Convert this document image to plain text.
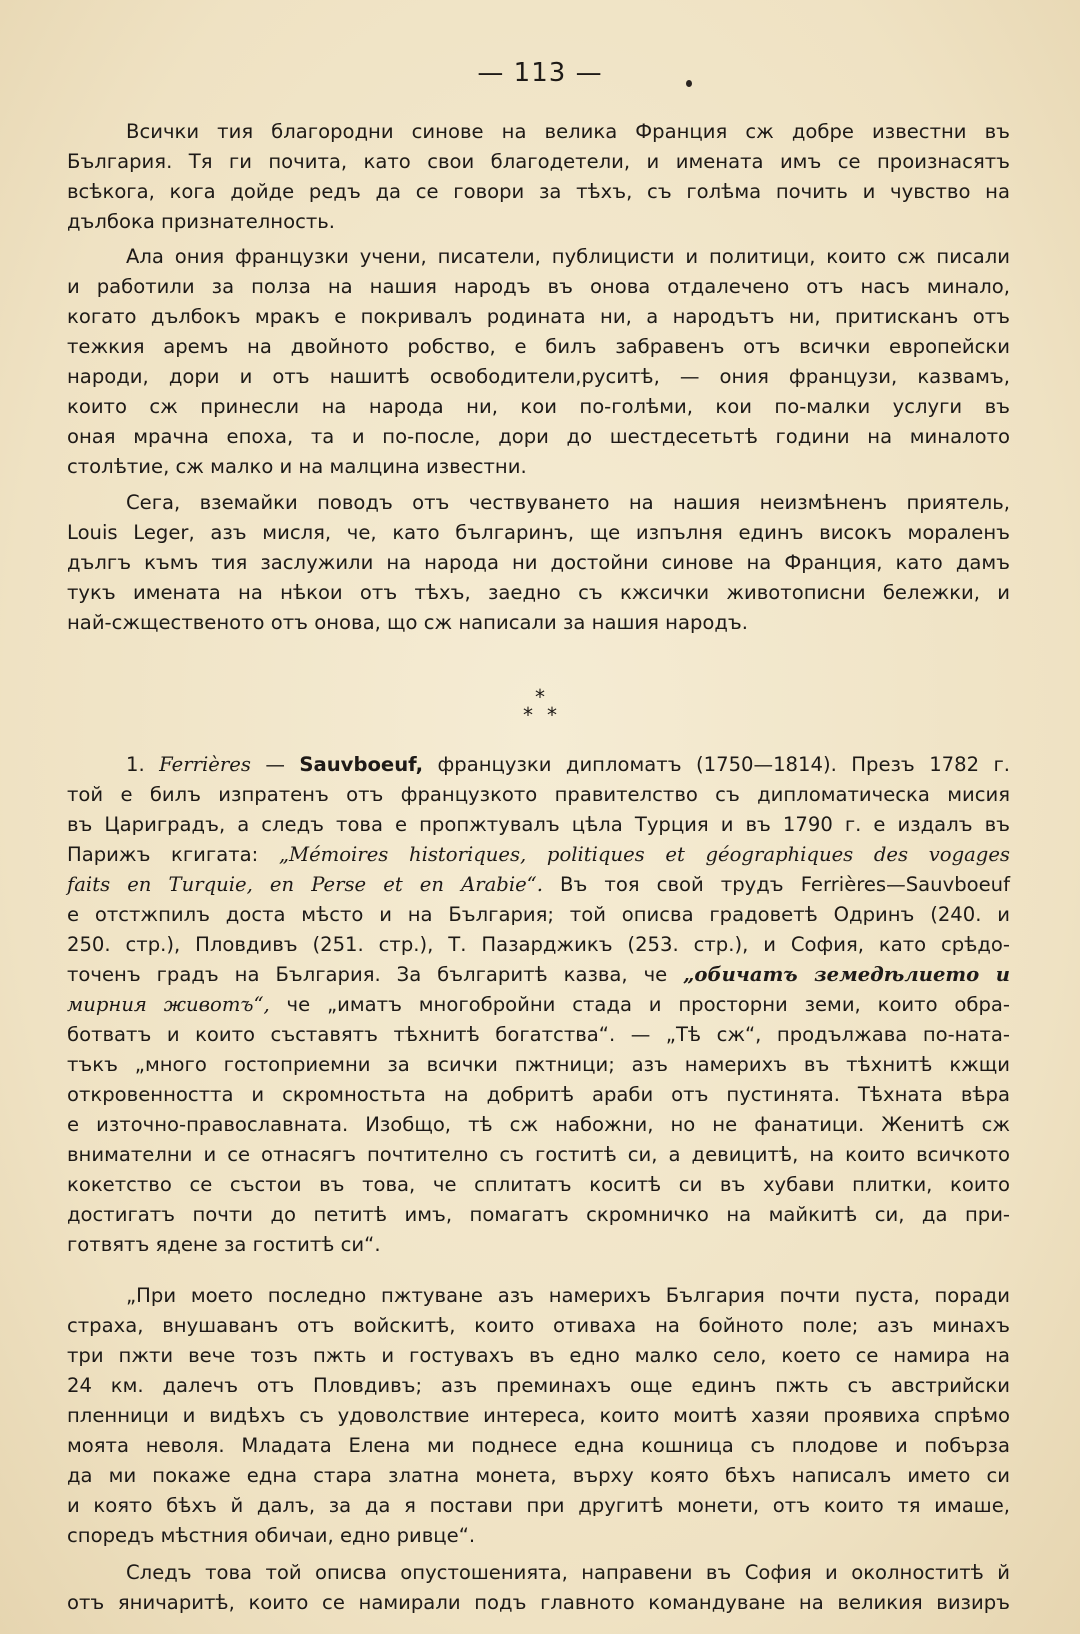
— 113 —
Всички тия благородни синове на велика Франция сж добре известни въ
България. Тя ги почита, като свои благодетели, и имената имъ се произнасятъ
всѣкога, кога дойде редъ да се говори за тѣхъ, съ голѣма почить и чувство на
дълбока признателность.
Ала ония французки учени, писатели, публицисти и политици, които сж писали
и работили за полза на нашия народъ въ онова отдалечено отъ насъ минало,
когато дълбокъ мракъ е покривалъ родината ни, а народътъ ни, притисканъ отъ
тежкия аремъ на двойното робство, е билъ забравенъ отъ всички европейски
народи, дори и отъ нашитѣ освободители,руситѣ, — ония французи, казвамъ,
които сж принесли на народа ни, кои по-голѣми, кои по-малки услуги въ
оная мрачна епоха, та и по-после, дори до шестдесетьтѣ години на миналото
столѣтие, сж малко и на малцина известни.
Сега, вземайки поводъ отъ чествуването на нашия неизмѣненъ приятель,
Louis Leger, азъ мисля, че, като българинъ, ще изпълня единъ високъ мораленъ
дългъ къмъ тия заслужили на народа ни достойни синове на Франция, като дамъ
тукъ имената на нѣкои отъ тѣхъ, заедно съ кжсички животописни бележки, и
най-сжщественото отъ онова, що сж написали за нашия народъ.
*
**
1. Ferrières — Sauvboeuf, французки дипломатъ (1750—1814). Презъ 1782 г.
той е билъ изпратенъ отъ французкото правителство съ дипломатическа мисия
въ Цариградъ, а следъ това е пропжтувалъ цѣла Турция и въ 1790 г. е издалъ въ
Парижъ кгигата: „Mémoires historiques, politiques et géographiques des vogages
faits en Turquie, en Perse et en Arabie“. Въ тоя свой трудъ Ferrières—Sauvboeuf
е отстжпилъ доста мѣсто и на България; той описва градоветѣ Одринъ (240. и
250. стр.), Пловдивъ (251. стр.), Т. Пазарджикъ (253. стр.), и София, като срѣдо-
точенъ градъ на България. За българитѣ казва, че „обичатъ земедѣлието и
мирния животъ“, че „иматъ многобройни стада и просторни земи, които обра-
ботватъ и които съставятъ тѣхнитѣ богатства“. — „Тѣ сж“, продължава по-ната-
тъкъ „много гостоприемни за всички пжтници; азъ намерихъ въ тѣхнитѣ кжщи
откровенността и скромностьта на добритѣ араби отъ пустинята. Тѣхната вѣра
е източно-православната. Изобщо, тѣ сж набожни, но не фанатици. Женитѣ сж
внимателни и се отнасягъ почтително съ гоститѣ си, а девицитѣ, на които всичкото
кокетство се състои въ това, че сплитатъ коситѣ си въ хубави плитки, които
достигатъ почти до петитѣ имъ, помагатъ скромничко на майкитѣ си, да при-
готвятъ ядене за гоститѣ си“.
„При моето последно пжтуване азъ намерихъ България почти пуста, поради
страха, внушаванъ отъ войскитѣ, които отиваха на бойното поле; азъ минахъ
три пжти вече тозъ пжть и гостувахъ въ едно малко село, което се намира на
24 км. далечъ отъ Пловдивъ; азъ преминахъ още единъ пжть съ австрийски
пленници и видѣхъ съ удоволствие интереса, които моитѣ хазяи проявиха спрѣмо
моята неволя. Младата Елена ми поднесе една кошница съ плодове и побърза
да ми покаже една стара златна монета, върху която бѣхъ написалъ името си
и която бѣхъ й далъ, за да я постави при другитѣ монети, отъ които тя имаше,
споредъ мѣстния обичаи, едно ривце“.
Следъ това той описва опустошенията, направени въ София и околноститѣ й
отъ яничаритѣ, които се намирали подъ главното командуване на великия визиръ
